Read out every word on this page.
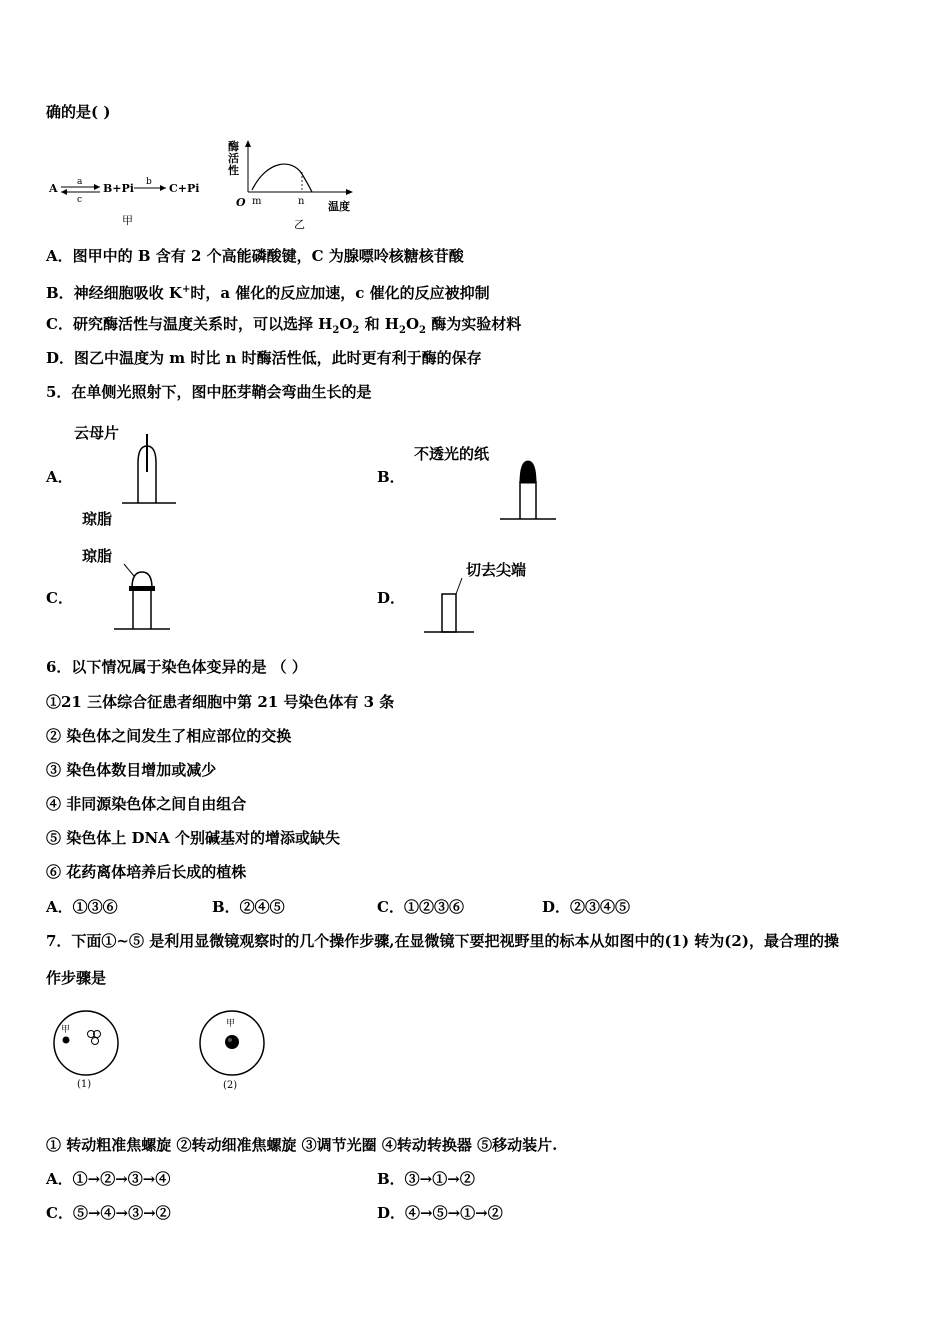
确的是( )
A a
c
B+Pi b C+Pi
甲
酶
活
性
O m	n 温度
乙
A．图甲中的 B 含有 2 个高能磷酸键，C 为腺嘌呤核糖核苷酸
B．神经细胞吸收 K+时，a 催化的反应加速，c 催化的反应被抑制
C．研究酶活性与温度关系时，可以选择 $H_2O_2$ 和 $H_2O_2$ 酶为实验材料
D．图乙中温度为 m 时比 n 时酶活性低，此时更有利于酶的保存
5．在单侧光照射下，图中胚芽鞘会弯曲生长的是
A．
云母片
琼脂
B．
不透光的纸
C．
琼脂
D．
切去尖端
6．以下情况属于染色体变异的是 （ ）
①21 三体综合征患者细胞中第 21 号染色体有 3 条
② 染色体之间发生了相应部位的交换
③ 染色体数目增加或减少
④ 非同源染色体之间自由组合
⑤ 染色体上 DNA 个别碱基对的增添或缺失
⑥ 花药离体培养后长成的植株
A．①③⑥	B．②④⑤	C．①②③⑥	D．②③④⑤
7．下面①~⑤ 是利用显微镜观察时的几个操作步骤,在显微镜下要把视野里的标本从如图中的(1) 转为(2)，最合理的操
作步骤是
甲
(1)
甲
(2)
① 转动粗准焦螺旋 ②转动细准焦螺旋 ③调节光圈 ④转动转换器 ⑤移动装片.
A．①→②→③→④	B．③→①→②
C．⑤→④→③→②	D．④→⑤→①→②
